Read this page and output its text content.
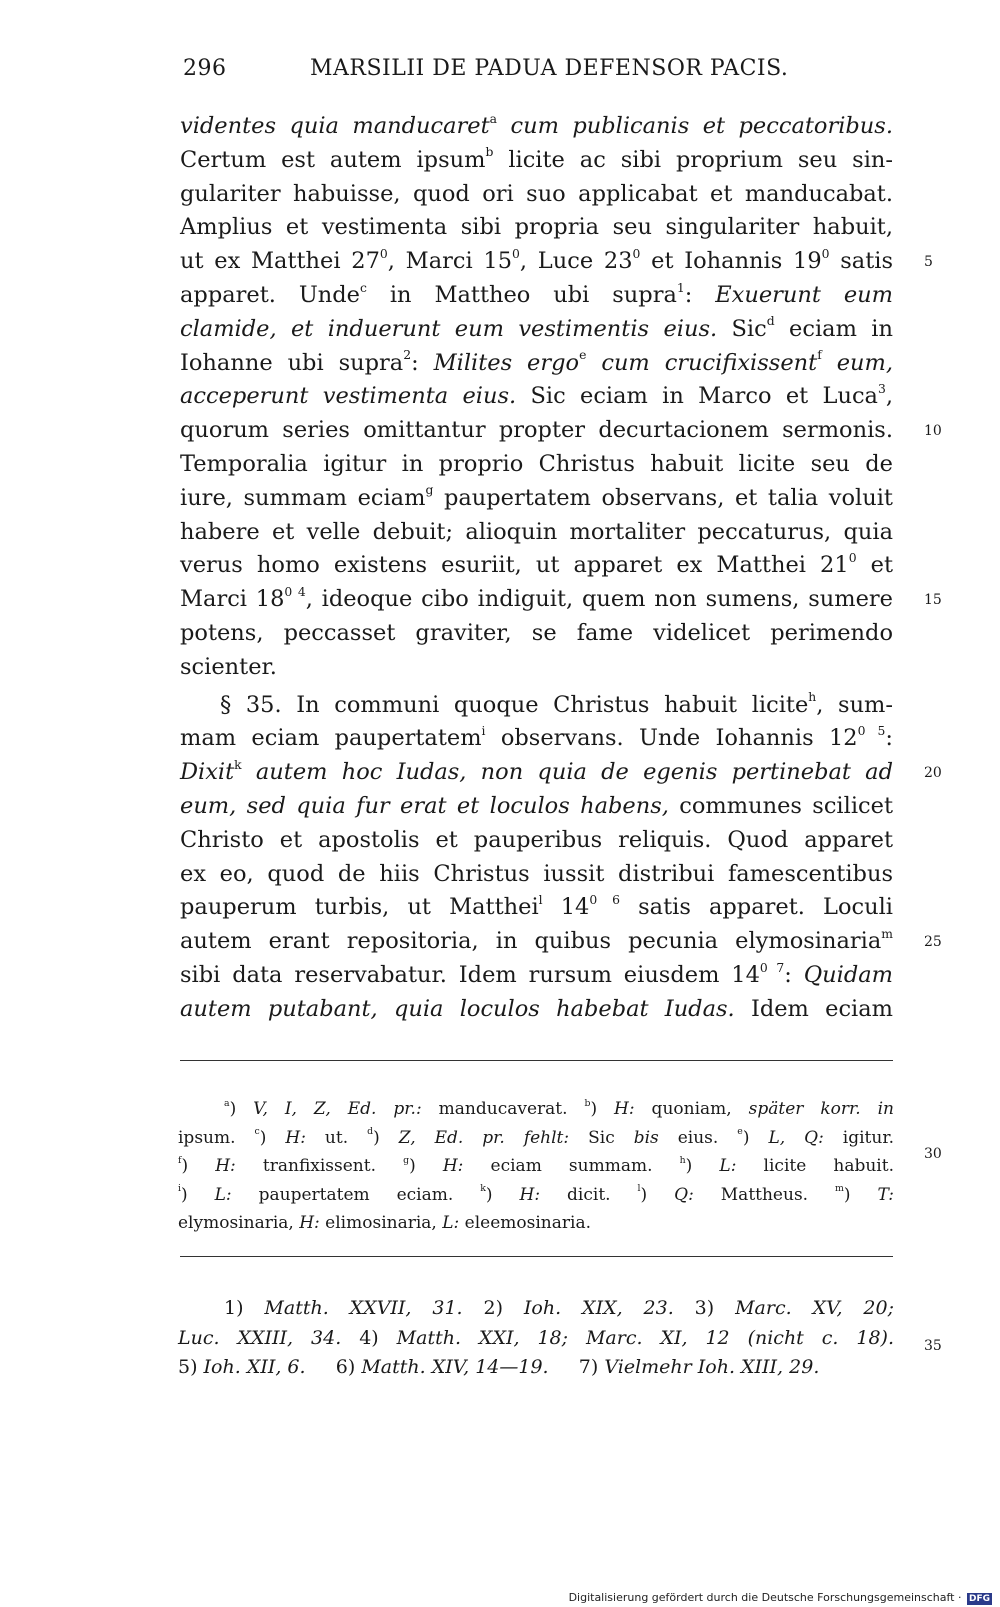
296	MARSILII DE PADUA DEFENSOR PACIS.

videntes quia manducaret$^a$ cum publicanis et peccatoribus.

Certum est autem ipsum$^b$ licite ac sibi proprium seu sin-

gulariter habuisse, quod ori suo applicabat et manducabat.

Amplius et vestimenta sibi propria seu singulariter habuit,

ut ex Matthei $27^0$, Marci $15^0$, Luce $23^0$ et Iohannis $19^0$ satis

apparet. Unde$^c$ in Mattheo ubi supra$^1$: Exuerunt eum

clamide, et induerunt eum vestimentis eius. Sic$^d$ eciam in

Iohanne ubi supra$^2$: Milites ergo$^e$ cum crucifixissent$^f$ eum,

acceperunt vestimenta eius. Sic eciam in Marco et Luca$^3$,

quorum series omittantur propter decurtacionem sermonis.

Temporalia igitur in proprio Christus habuit licite seu de

iure, summam eciam$^g$ paupertatem observans, et talia voluit

habere et velle debuit; alioquin mortaliter peccaturus, quia

verus homo existens esuriit, ut apparet ex Matthei $21^0$ et

Marci $18^{0 4}$, ideoque cibo indiguit, quem non sumens, sumere

potens, peccasset graviter, se fame videlicet perimendo

scienter.

§ 35. In communi quoque Christus habuit licite$^h$, sum-

mam eciam paupertatem$^i$ observans. Unde Iohannis $12^{0 5}$:

Dixit$^k$ autem hoc Iudas, non quia de egenis pertinebat ad

eum, sed quia fur erat et loculos habens, communes scilicet

Christo et apostolis et pauperibus reliquis. Quod apparet

ex eo, quod de hiis Christus iussit distribui famescentibus

pauperum turbis, ut Matthei$^l$ $14^{0 6}$ satis apparet. Loculi

autem erant repositoria, in quibus pecunia elymosinaria$^m$

sibi data reservabatur. Idem rursum eiusdem $14^{0 7}$: Quidam

autem putabant, quia loculos habebat Iudas. Idem eciam

5
10
15
20
25
30
35

$^a$) V, I, Z, Ed. pr.: manducaverat. $^b$) H: quoniam, später korr. in

ipsum. $^c$) H: ut. $^d$) Z, Ed. pr. fehlt: Sic bis eius. $^e$) L, Q: igitur.

$^f$) H: tranfixissent.	$^g$) H: eciam summam.	$^h$) L: licite habuit.

$^i$) L: paupertatem eciam.	$^k$) H: dicit.	$^l$) Q: Mattheus.	$^m$) T:

elymosinaria, H: elimosinaria, L: eleemosinaria.

1) Matth. XXVII, 31. 2) Ioh. XIX, 23. 3) Marc. XV, 20;

Luc. XXIII, 34. 4) Matth. XXI, 18; Marc. XI, 12 (nicht c. 18).

5) Ioh. XII, 6. 6) Matth. XIV, 14—19. 7) Vielmehr Ioh. XIII, 29.

Digitalisierung gefördert durch die Deutsche Forschungsgemeinschaft · DFG
